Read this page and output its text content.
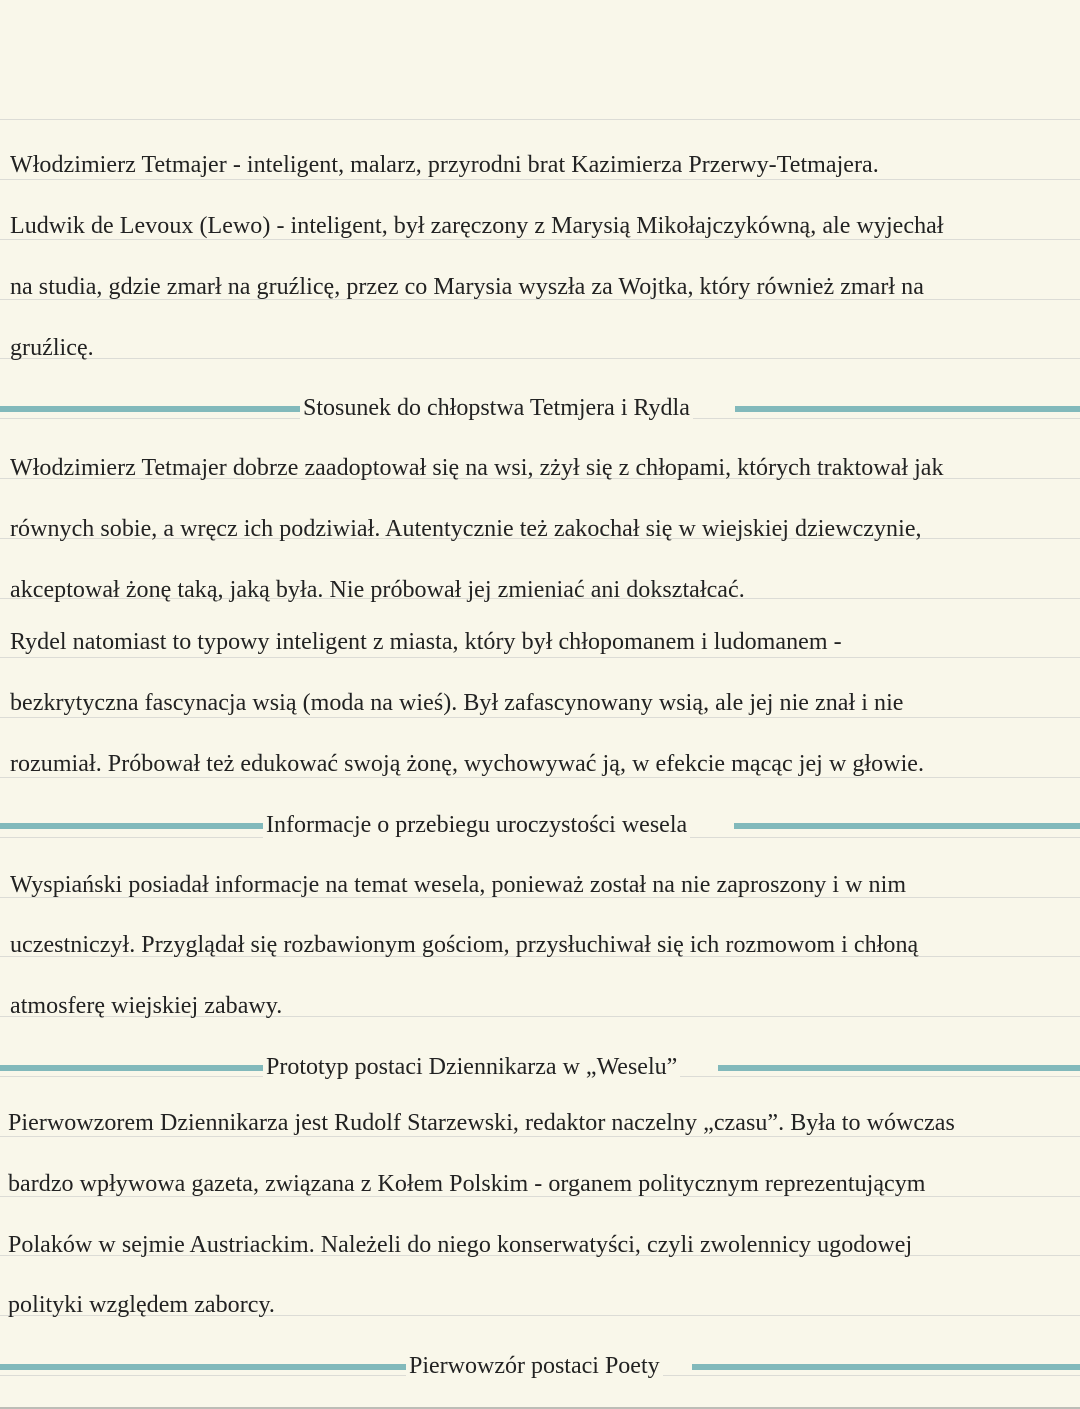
Włodzimierz Tetmajer - inteligent, malarz, przyrodni brat Kazimierza Przerwy-Tetmajera.
Ludwik de Levoux (Lewo) - inteligent, był zaręczony z Marysią Mikołajczykówną, ale wyjechał
na studia, gdzie zmarł na gruźlicę, przez co Marysia wyszła za Wojtka, który również zmarł na
gruźlicę.
Stosunek do chłopstwa Tetmjera i Rydla
Włodzimierz Tetmajer dobrze zaadoptował się na wsi, zżył się z chłopami, których traktował jak
równych sobie, a wręcz ich podziwiał. Autentycznie też zakochał się w wiejskiej dziewczynie,
akceptował żonę taką, jaką była. Nie próbował jej zmieniać ani dokształcać.
Rydel natomiast to typowy inteligent z miasta, który był chłopomanem i ludomanem -
bezkrytyczna fascynacja wsią (moda na wieś). Był zafascynowany wsią, ale jej nie znał i nie
rozumiał. Próbował też edukować swoją żonę, wychowywać ją, w efekcie mącąc jej w głowie.
Informacje o przebiegu uroczystości wesela
Wyspiański posiadał informacje na temat wesela, ponieważ został na nie zaproszony i w nim
uczestniczył. Przyglądał się rozbawionym gościom, przysłuchiwał się ich rozmowom i chłoną
atmosferę wiejskiej zabawy.
Prototyp postaci Dziennikarza w „Weselu”
Pierwowzorem Dziennikarza jest Rudolf Starzewski, redaktor naczelny „czasu”. Była to wówczas
bardzo wpływowa gazeta, związana z Kołem Polskim - organem politycznym reprezentującym
Polaków w sejmie Austriackim. Należeli do niego konserwatyści, czyli zwolennicy ugodowej
polityki względem zaborcy.
Pierwowzór postaci Poety
